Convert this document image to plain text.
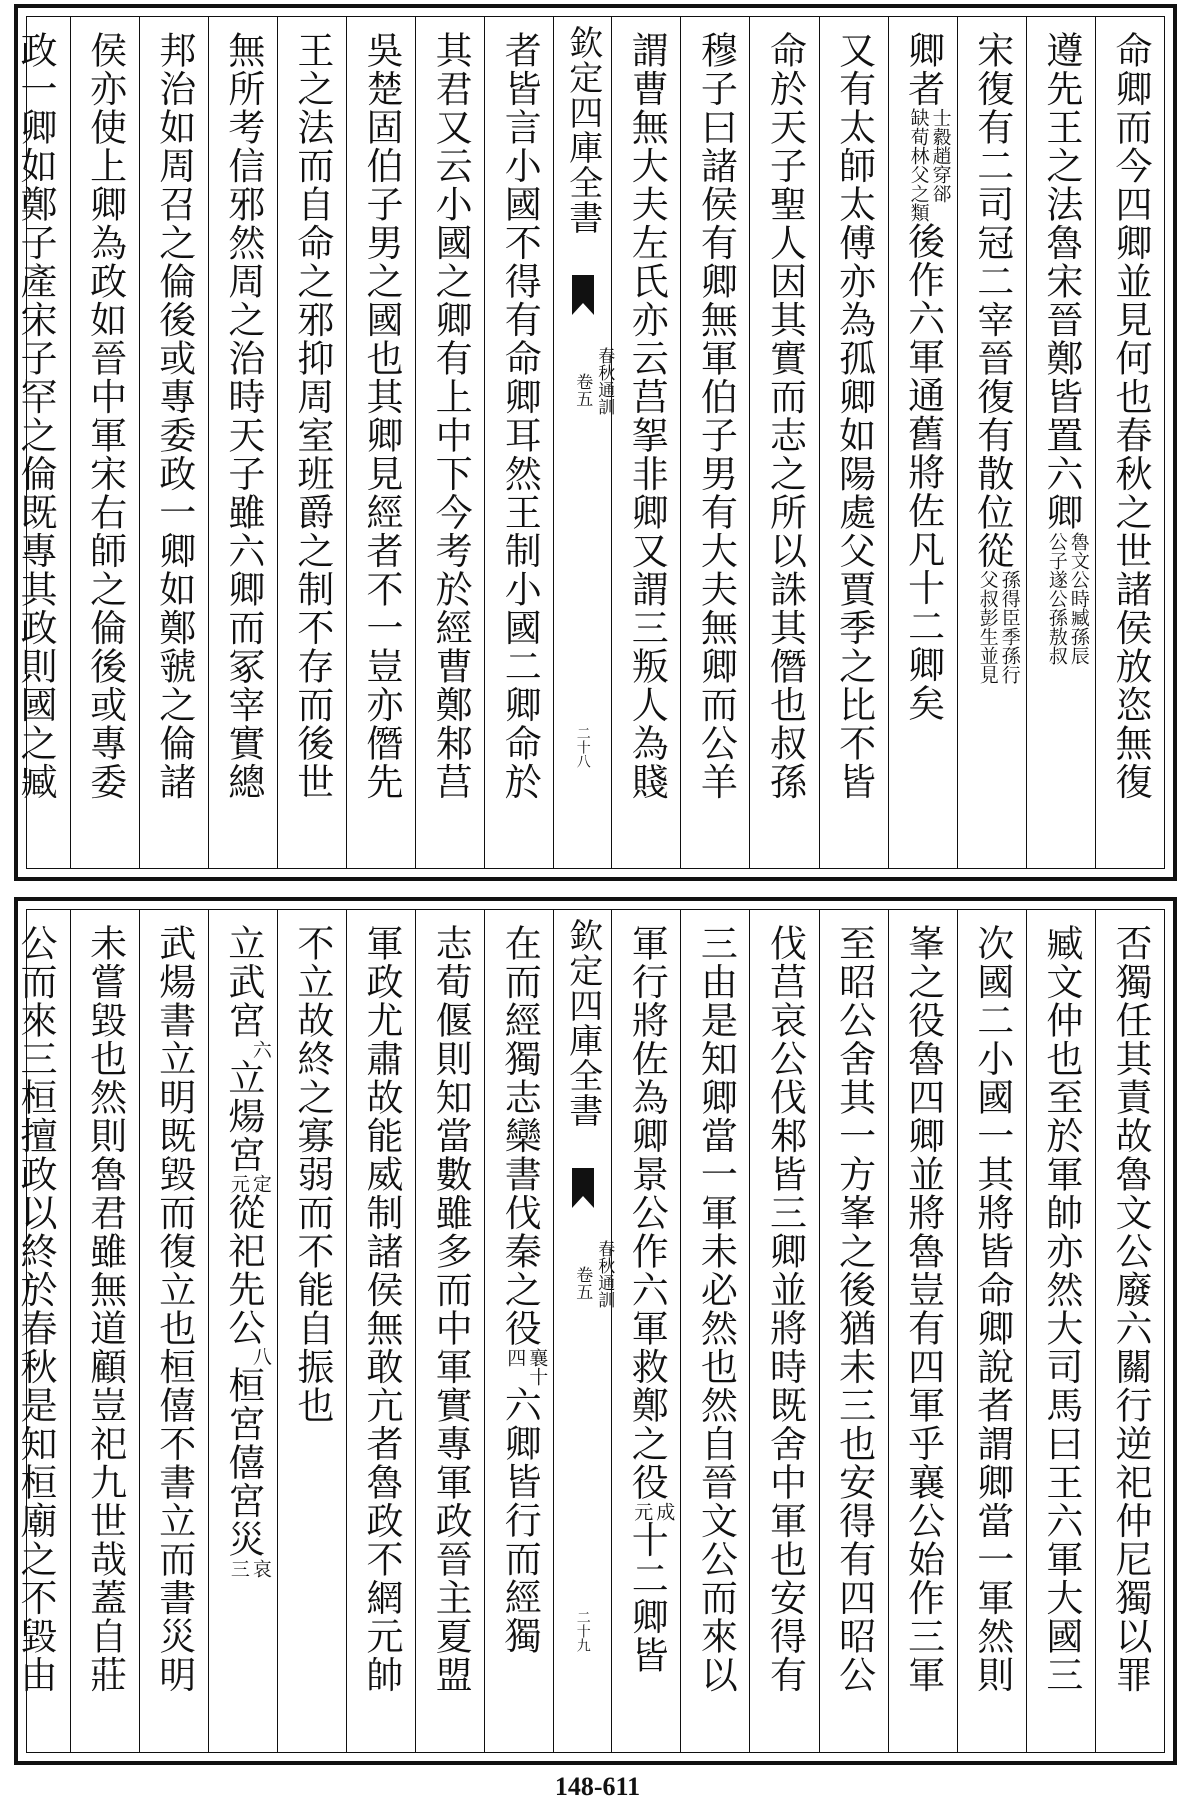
命卿而今四卿並見何也春秋之世諸侯放恣無復
遵先王之法魯宋晉鄭皆置六卿
魯文公時臧孫辰
公子遂公孫敖叔
宋復有二司冠二宰晉復有散位從
孫得臣季孫行
父叔彭生並見
卿者
士縠趙穿郤
缺荀林父之類
後作六軍通舊將佐凡十二卿矣
又有太師太傅亦為孤卿如陽處父賈季之比不皆
命於天子聖人因其實而志之所以誅其僭也叔孫
穆子曰諸侯有卿無軍伯子男有大夫無卿而公羊
謂曹無大夫左氏亦云莒挐非卿又謂三叛人為賤
欽定四庫全書
春秋通訓
卷五
二十八
者皆言小國不得有命卿耳然王制小國二卿命於
其君又云小國之卿有上中下今考於經曹鄭邾莒
吳楚固伯子男之國也其卿見經者不一豈亦僭先
王之法而自命之邪抑周室班爵之制不存而後世
無所考信邪然周之治時天子雖六卿而冢宰實總
邦治如周召之倫後或專委政一卿如鄭虢之倫諸
侯亦使上卿為政如晉中軍宋右師之倫後或專委
政一卿如鄭子產宋子罕之倫既專其政則國之臧
否獨任其責故魯文公廢六關行逆祀仲尼獨以罪
臧文仲也至於軍帥亦然大司馬曰王六軍大國三
次國二小國一其將皆命卿說者謂卿當一軍然則
峯之役魯四卿並將魯豈有四軍乎襄公始作三軍
至昭公舍其一方峯之後猶未三也安得有四昭公
伐莒哀公伐邾皆三卿並將時既舍中軍也安得有
三由是知卿當一軍未必然也然自晉文公而來以
軍行將佐為卿景公作六軍救鄭之役
成
元
十二卿皆
欽定四庫全書
春秋通訓
卷五
二十九
在而經獨志欒書伐秦之役
襄十
四
六卿皆行而經獨
志荀偃則知當數雖多而中軍實專軍政晉主夏盟
軍政尤肅故能威制諸侯無敢亢者魯政不網元帥
不立故終之寡弱而不能自振也
立武宮
六
立煬宮
定
元
從祀先公
八
桓宮僖宮災
哀
三
武煬書立明既毀而復立也桓僖不書立而書災明
未嘗毀也然則魯君雖無道顧豈祀九世哉蓋自莊
公而來三桓擅政以終於春秋是知桓廟之不毀由
148-611
